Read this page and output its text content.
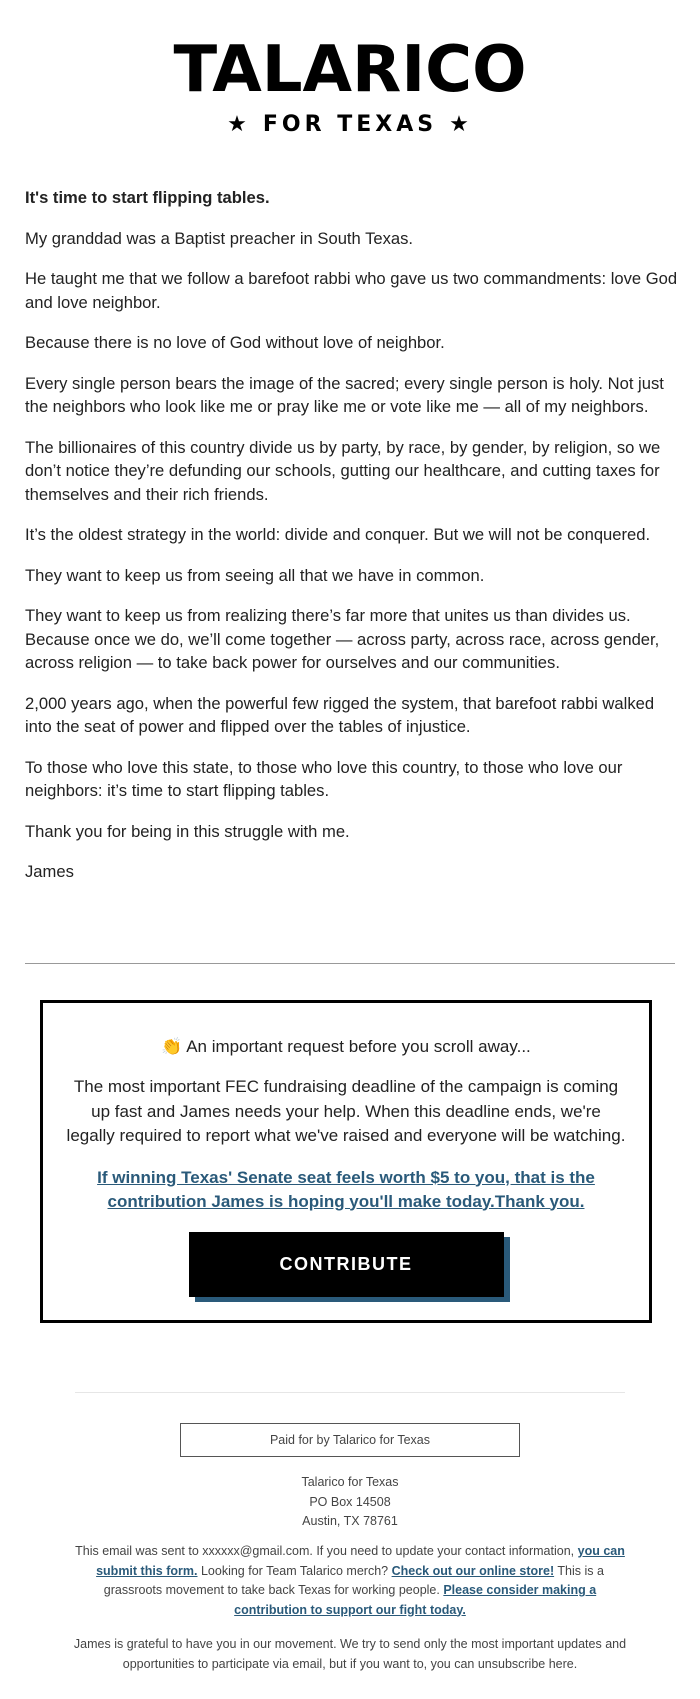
TALARICO
★ FOR TEXAS ★

It's time to start flipping tables.

My granddad was a Baptist preacher in South Texas.

He taught me that we follow a barefoot rabbi who gave us two commandments: love God and love neighbor.

Because there is no love of God without love of neighbor.

Every single person bears the image of the sacred; every single person is holy. Not just the neighbors who look like me or pray like me or vote like me — all of my neighbors.

The billionaires of this country divide us by party, by race, by gender, by religion, so we don’t notice they’re defunding our schools, gutting our healthcare, and cutting taxes for themselves and their rich friends.

It’s the oldest strategy in the world: divide and conquer. But we will not be conquered.

They want to keep us from seeing all that we have in common.

They want to keep us from realizing there’s far more that unites us than divides us. Because once we do, we’ll come together — across party, across race, across gender, across religion — to take back power for ourselves and our communities.

2,000 years ago, when the powerful few rigged the system, that barefoot rabbi walked into the seat of power and flipped over the tables of injustice.

To those who love this state, to those who love this country, to those who love our neighbors: it’s time to start flipping tables.

Thank you for being in this struggle with me.

James

👏 An important request before you scroll away...
The most important FEC fundraising deadline of the campaign is coming up fast and James needs your help. When this deadline ends, we're legally required to report what we've raised and everyone will be watching.
If winning Texas' Senate seat feels worth $5 to you, that is the contribution James is hoping you'll make today.Thank you.
CONTRIBUTE
Paid for by Talarico for Texas
Talarico for Texas
PO Box 14508
Austin, TX 78761
This email was sent to xxxxxx@gmail.com. If you need to update your contact information, you can submit this form. Looking for Team Talarico merch? Check out our online store! This is a grassroots movement to take back Texas for working people. Please consider making a contribution to support our fight today.
James is grateful to have you in our movement. We try to send only the most important updates and opportunities to participate via email, but if you want to, you can unsubscribe here.
